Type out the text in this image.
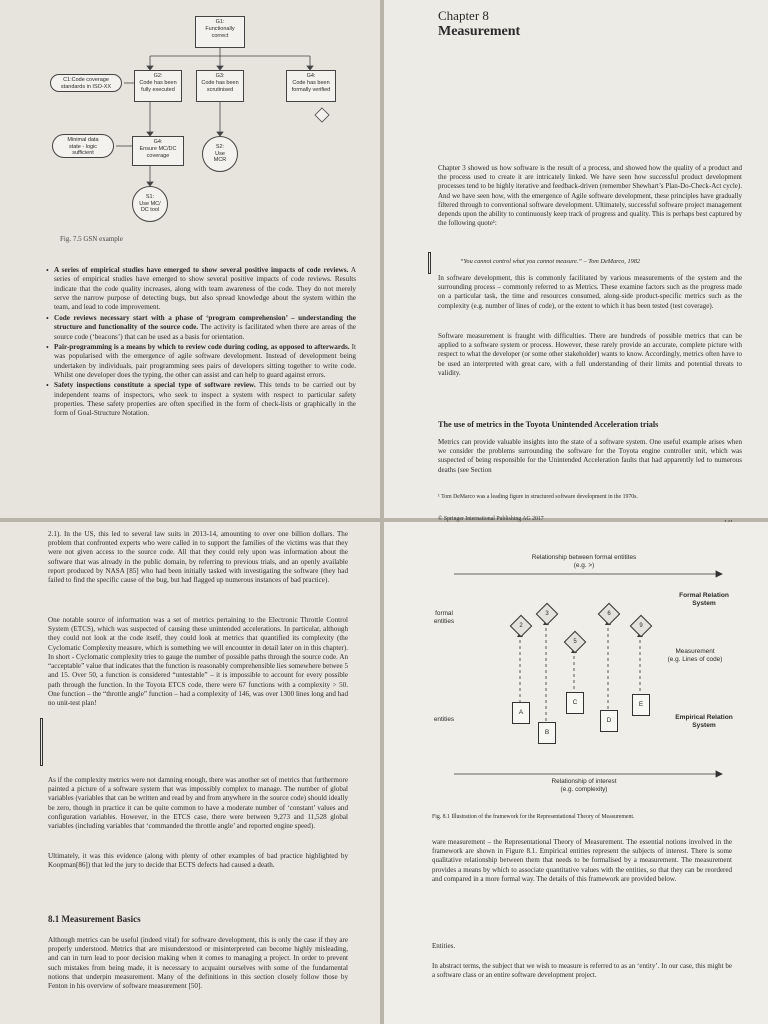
G1:
Functionally
correct
C1:Code coverage
standards in ISO-XX
G2:
Code has been
fully executed
G3:
Code has been
scrutinised
G4:
Code has been
formally verified
Minimal data
state - logic
sufficient
G4:
Ensure MC/DC
coverage
S2:
Use
MCR
S1:
Use MC/
DC tool
Fig. 7.5 GSN example
• A series of empirical studies have emerged to show several positive impacts of code reviews. A series of empirical studies have emerged to show several positive impacts of code reviews. Results indicate that the code quality increases, along with team awareness of the code. They do not merely serve the narrow purpose of detecting bugs, but also spread knowledge about the system within the team, and lead to code improvement.
• Code reviews necessary start with a phase of ‘program comprehension’ – understanding the structure and functionality of the source code. The activity is facilitated when there are areas of the source code (‘beacons’) that can be used as a basis for orientation.
• Pair-programming is a means by which to review code during coding, as opposed to afterwards. It was popularised with the emergence of agile software development. Instead of development being undertaken by individuals, pair programming sees pairs of developers sitting together to write code. Whilst one developer does the typing, the other can assist and can help to guard against errors.
• Safety inspections constitute a special type of software review. This tends to be carried out by independent teams of inspectors, who seek to inspect a system with respect to particular safety properties. These safety properties are often specified in the form of check-lists or graphically in the form of Goal-Structure Notation.
Chapter 8
Measurement
Chapter 3 showed us how software is the result of a process, and showed how the quality of a product and the process used to create it are intricately linked. We have seen how successful product development processes tend to be highly iterative and feedback-driven (remember Shewhart’s Plan-Do-Check-Act cycle). And we have seen how, with the emergence of Agile software development, these principles have gradually filtered through to conventional software development. Ultimately, successful software project management depends upon the ability to continuously keep track of progress and quality. This is perhaps best captured by the following quote¹:
“You cannot control what you cannot measure.” – Tom DeMarco, 1982
In software development, this is commonly facilitated by various measurements of the system and the surrounding process – commonly referred to as Metrics. These examine factors such as the progress made on a particular task, the time and resources consumed, along-side product-specific metrics such as the complexity (e.g. number of lines of code), or the extent to which it has been tested (test coverage).
Software measurement is fraught with difficulties. There are hundreds of possible metrics that can be applied to a software system or process. However, these rarely provide an accurate, complete picture with respect to what the developer (or some other stakeholder) wants to know. Accordingly, metrics often have to be used an interpreted with great care, with a full understanding of their limits and potential threats to validity.
The use of metrics in the Toyota Unintended Acceleration trials
Metrics can provide valuable insights into the state of a software system. One useful example arises when we consider the problems surrounding the software for the Toyota engine controller unit, which was suspected of being responsible for the Unintended Acceleration faults that had apparently led to numerous deaths (see Section
¹ Tom DeMarco was a leading figure in structured software development in the 1970s.
© Springer International Publishing AG 2017

2.1). In the US, this led to several law suits in 2013-14, amounting to over one billion dollars. The problem that confronted experts who were called in to support the families of the victims was that they were not given access to the source code. All that they could rely upon was information about the software that was already in the public domain, by referring to previous trials, and an openly available report produced by NASA [85] who had been initially tasked with investigating the software (they had failed to find the specific cause of the bug, but had flagged up numerous instances of bad practice).
One notable source of information was a set of metrics pertaining to the Electronic Throttle Control System (ETCS), which was suspected of causing these unintended accelerations. In particular, although they could not look at the code itself, they could look at metrics that quantified its complexity (the Cyclomatic Complexity measure, which is something we will encounter in detail later on in this chapter). In short - Cyclomatic complexity tries to gauge the number of possible paths through the source code. An “acceptable” value that indicates that the function is reasonably comprehensible lies somewhere betwee 5 and 15. Over 50, a function is considered “untestable” – it is impossible to account for every possible path through the function. In the Toyota ETCS code, there were 67 functions with a complexity > 50. One function – the “throttle angle” function – had a complexity of 146, was over 1300 lines long and had no unit-test plan!
As if the complexity metrics were not damning enough, there was another set of metrics that furthermore painted a picture of a software system that was impossibly complex to manage. The number of global variables (variables that can be written and read by and from anywhere in the source code) should ideally be zero, though in practice it can be quite common to have a moderate number of ‘constant’ values and configuration variables. However, in the ETCS case, there were between 9,273 and 11,528 global variables (including variables that ‘commanded the throttle angle’ and reported engine speed).
Ultimately, it was this evidence (along with plenty of other examples of bad practice highlighted by Koopman[86]) that led the jury to decide that ECTS defects had caused a death.
8.1 Measurement Basics
Although metrics can be useful (indeed vital) for software development, this is only the case if they are properly understood. Metrics that are misunderstood or misinterpreted can become highly misleading, and can in turn lead to poor decision making when it comes to managing a project. In order to prevent such mistakes from being made, it is necessary to acquaint ourselves with some of the fundamental notions that underpin measurement. Many of the definitions in this section closely follow those by Fenton in his overview of software measurement [50].
Relationship between formal entitites
(e.g. >)
Formal Relation
System
formal
entities
2
3
5
6
9
Measurement
(e.g. Lines of code)
entities
A
B
C
D
E
Empirical Relation
System
Relationship of interest
(e.g. complexity)
Fig. 8.1 Illustration of the framework for the Representational Theory of Measurement.
ware measurement – the Representational Theory of Measurement. The essential notions involved in the framework are shown in Figure 8.1. Empirical entities represent the subjects of interest. There is some qualitative relationship between them that needs to be formalised by a measurement. The measurement provides a means by which to associate quantitative values with the entities, so that they can be reordered and compared in a more formal way. The details of this framework are provided below.
Entities.
In abstract terms, the subject that we wish to measure is referred to as an ‘entity’. In our case, this might be a software class or an entire software development project.
